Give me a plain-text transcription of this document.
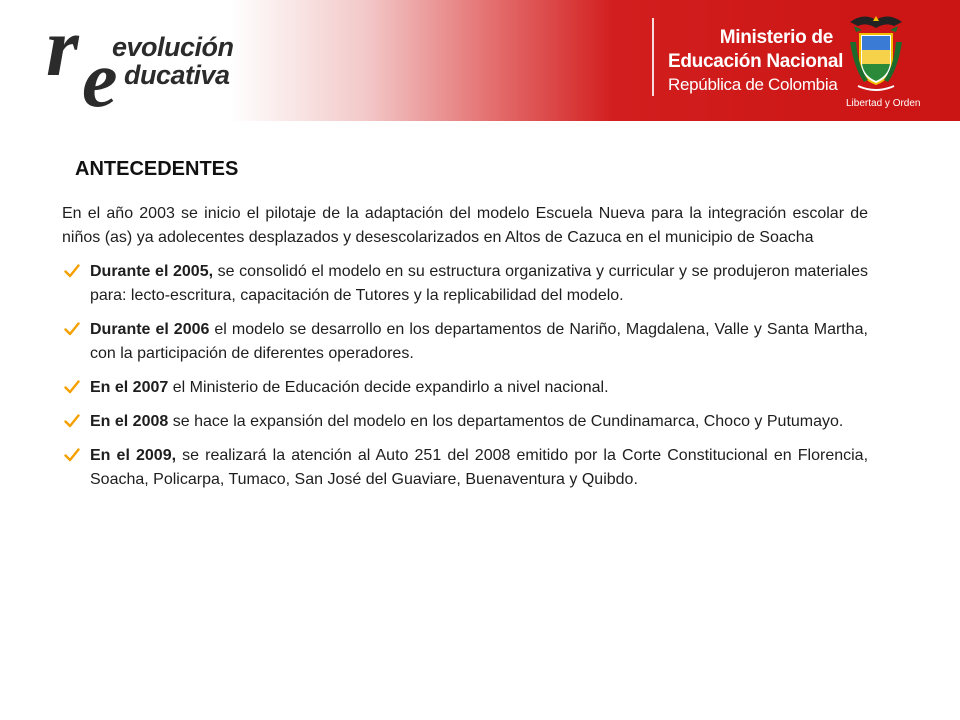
r e
evolución
ducativa
Ministerio de
Educación Nacional
República de Colombia
Libertad y Orden
ANTECEDENTES

En el año 2003 se inicio el pilotaje de la adaptación del modelo Escuela Nueva para la integración escolar de niños (as) ya adolecentes desplazados y desescolarizados en Altos de Cazuca en el municipio de Soacha

Durante el 2005, se consolidó el modelo en su estructura organizativa y curricular y se produjeron materiales para: lecto-escritura, capacitación de Tutores y la replicabilidad del modelo.
Durante el 2006 el modelo se desarrollo en los departamentos de Nariño, Magdalena, Valle y Santa Martha, con la participación de diferentes operadores.
En el 2007 el Ministerio de Educación decide expandirlo a nivel nacional.
En el 2008 se hace la expansión del modelo en los departamentos de Cundinamarca, Choco y Putumayo.
En el 2009, se realizará la atención al Auto 251 del 2008 emitido por la Corte Constitucional en Florencia, Soacha, Policarpa, Tumaco, San José del Guaviare, Buenaventura y Quibdo.
